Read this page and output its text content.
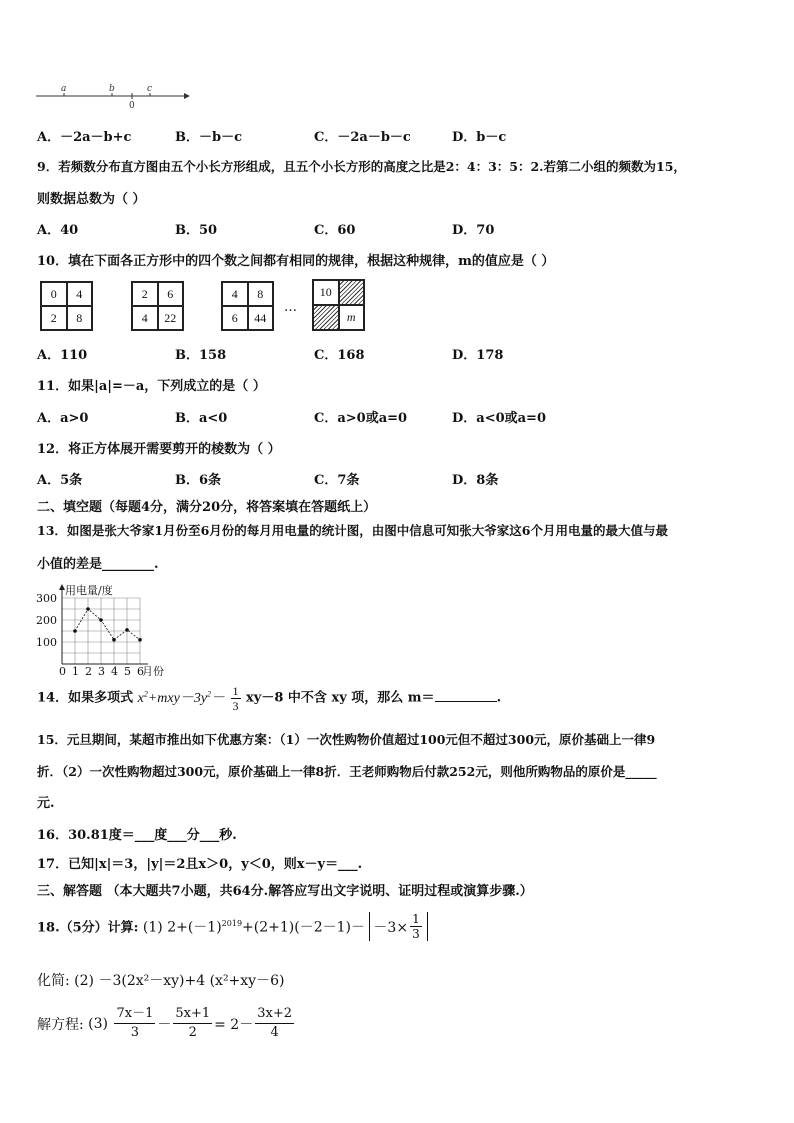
a	b	c
0
A．－2a－b+c	B．－b－c	C．－2a－b－c	D．b－c
9．若频数分布直方图由五个小长方形组成，且五个小长方形的高度之比是2：4：3：5：2.若第二小组的频数为15，
则数据总数为（ ）
A．40	B．50	C．60	D．70
10．填在下面各正方形中的四个数之间都有相同的规律，根据这种规律，m的值应是（ ）
0	4
2	8
2	6
4	22
4	8
6	44
…
10
m
A．110	B．158	C．168	D．178
11．如果|a|=－a，下列成立的是（ ）
A．a>0	B．a<0	C．a>0或a=0	D．a<0或a=0
12．将正方体展开需要剪开的棱数为（ ）
A．5条	B．6条	C．7条	D．8条
二、填空题（每题4分，满分20分，将答案填在答题纸上）
13．如图是张大爷家1月份至6月份的每月用电量的统计图，由图中信息可知张大爷家这6个月用电量的最大值与最
小值的差是________.
0 1 2 3 4 5 6
100
200
300
用电量/度
月份
14．如果多项式 $x^2+mxy-3y^2- \frac{1}{3} xy-8$ 中不含 xy 项，那么 m＝	.
15．元旦期间，某超市推出如下优惠方案：（1）一次性购物价值超过100元但不超过300元，原价基础上一律9
折．（2）一次性购物超过300元，原价基础上一律8折．王老师购物后付款252元，则他所购物品的原价是_____
元.
16．30.81度＝___度___分___秒.
17．已知|x|＝3，|y|＝2且x＞0，y＜0，则x－y＝___.
三、解答题 （本大题共7小题，共64分.解答应写出文字说明、证明过程或演算步骤.）
18.（5分）计算: (1) $2+(-1)^{2019}+(2+1)(-2-1)- -3\times \frac{1}{3}$
化简: (2) －3(2x²－xy)+4 (x²+xy－6)
解方程:
(3)
$\frac{7x-1}{3} - \frac{5x+1}{2} = 2- \frac{3x+2}{4}$
